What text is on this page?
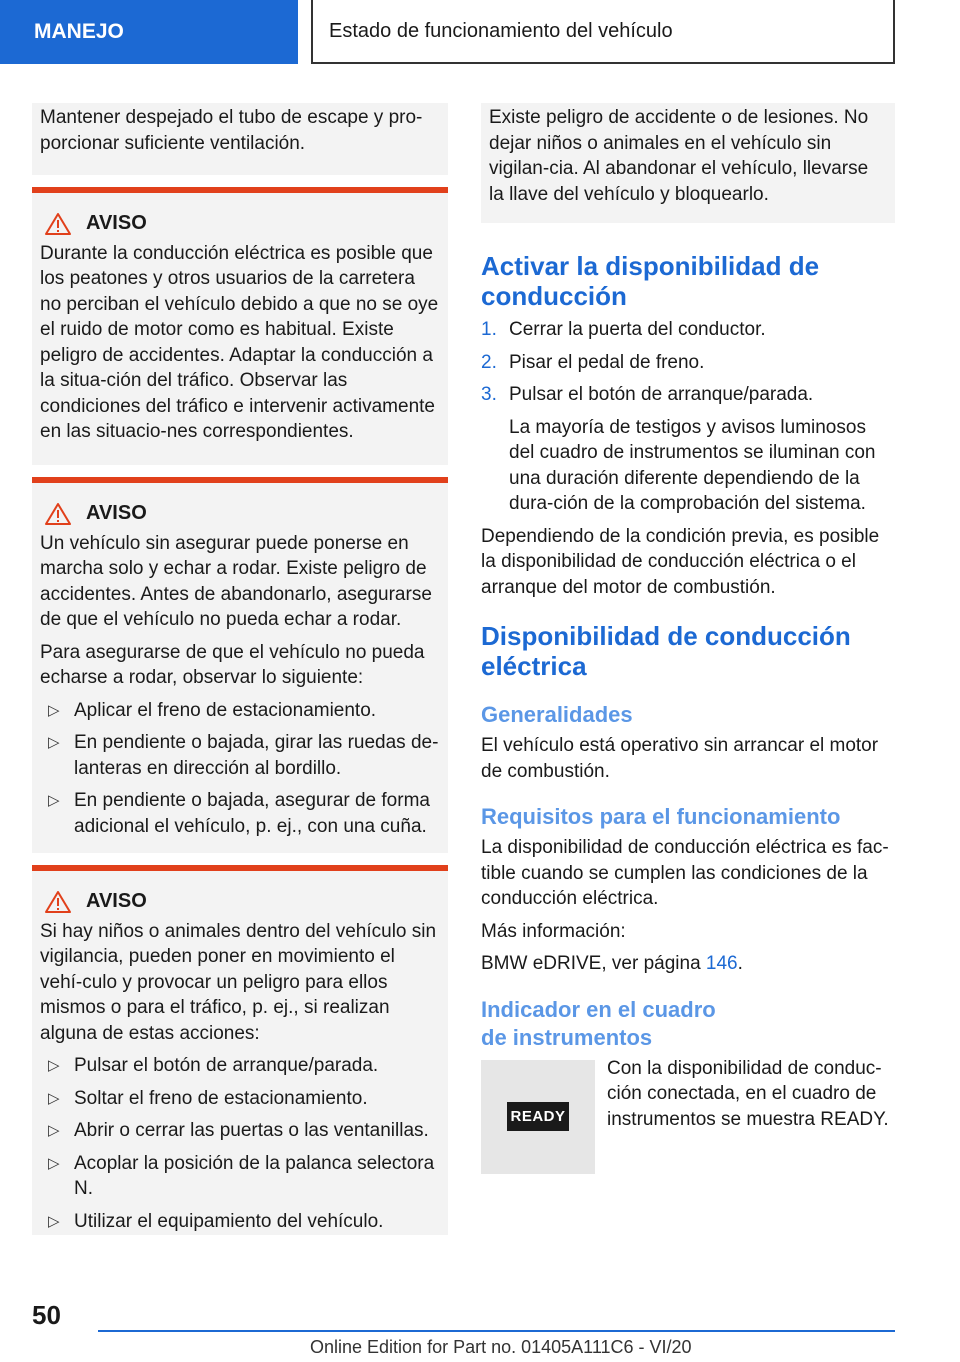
MANEJO	Estado de funcionamiento del vehículo
Mantener despejado el tubo de escape y pro‐porcionar suficiente ventilación.
AVISO
Durante la conducción eléctrica es posible que los peatones y otros usuarios de la carretera no perciban el vehículo debido a que no se oye el ruido de motor como es habitual. Existe peligro de accidentes. Adaptar la conducción a la situa‐ción del tráfico. Observar las condiciones del tráfico e intervenir activamente en las situacio‐nes correspondientes.
AVISO

Un vehículo sin asegurar puede ponerse en marcha solo y echar a rodar. Existe peligro de accidentes. Antes de abandonarlo, asegurarse de que el vehículo no pueda echar a rodar.

Para asegurarse de que el vehículo no pueda echarse a rodar, observar lo siguiente:

▷ Aplicar el freno de estacionamiento.
▷ En pendiente o bajada, girar las ruedas de‐lanteras en dirección al bordillo.
▷ En pendiente o bajada, asegurar de forma adicional el vehículo, p. ej., con una cuña.
AVISO

Si hay niños o animales dentro del vehículo sin vigilancia, pueden poner en movimiento el vehí‐culo y provocar un peligro para ellos mismos o para el tráfico, p. ej., si realizan alguna de estas acciones:

▷ Pulsar el botón de arranque/parada.
▷ Soltar el freno de estacionamiento.
▷ Abrir o cerrar las puertas o las ventanillas.
▷ Acoplar la posición de la palanca selectora N.
▷ Utilizar el equipamiento del vehículo.
Existe peligro de accidente o de lesiones. No dejar niños o animales en el vehículo sin vigilan‐cia. Al abandonar el vehículo, llevarse la llave del vehículo y bloquearlo.
Activar la disponibilidad de conducción
1. Cerrar la puerta del conductor.
2. Pisar el pedal de freno.
3. Pulsar el botón de arranque/parada.
La mayoría de testigos y avisos luminosos del cuadro de instrumentos se iluminan con una duración diferente dependiendo de la dura‐ción de la comprobación del sistema.

Dependiendo de la condición previa, es posible la disponibilidad de conducción eléctrica o el arranque del motor de combustión.

Disponibilidad de conducción eléctrica
Generalidades

El vehículo está operativo sin arrancar el motor de combustión.

Requisitos para el funcionamiento

La disponibilidad de conducción eléctrica es fac‐tible cuando se cumplen las condiciones de la conducción eléctrica.

Más información:

BMW eDRIVE, ver página 146.

Indicador en el cuadro
de instrumentos
READY
Con la disponibilidad de conduc‐ción conectada, en el cuadro de instrumentos se muestra READY.
50
Online Edition for Part no. 01405A111C6 - VI/20
